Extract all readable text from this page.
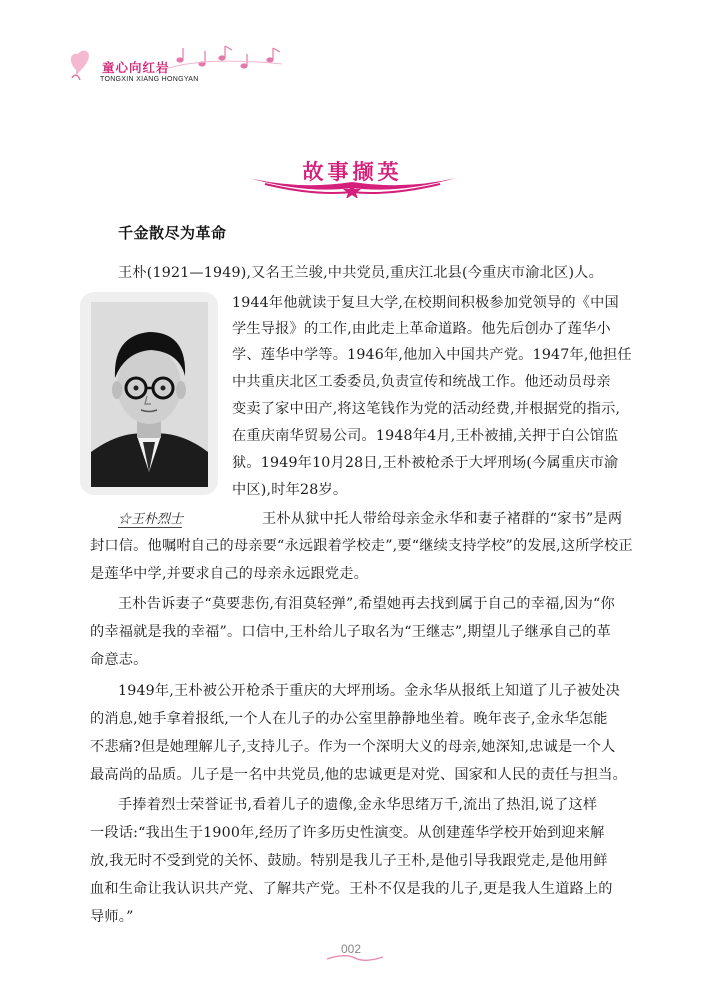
童心向红岩
TONGXIN XIANG HONGYAN
故事撷英
千金散尽为革命
☆王朴烈士
王朴(1921—1949),又名王兰骏,中共党员,重庆江北县(今重庆市渝北区)人。
1944年他就读于复旦大学,在校期间积极参加党领导的《中国
学生导报》的工作,由此走上革命道路。他先后创办了莲华小
学、莲华中学等。1946年,他加入中国共产党。1947年,他担任
中共重庆北区工委委员,负责宣传和统战工作。他还动员母亲
变卖了家中田产,将这笔钱作为党的活动经费,并根据党的指示,
在重庆南华贸易公司。1948年4月,王朴被捕,关押于白公馆监
狱。1949年10月28日,王朴被枪杀于大坪刑场(今属重庆市渝
中区),时年28岁。
王朴从狱中托人带给母亲金永华和妻子褚群的“家书”是两
封口信。他嘱咐自己的母亲要“永远跟着学校走”,要“继续支持学校”的发展,这所学校正
是莲华中学,并要求自己的母亲永远跟党走。
王朴告诉妻子“莫要悲伤,有泪莫轻弹”,希望她再去找到属于自己的幸福,因为“你
的幸福就是我的幸福”。口信中,王朴给儿子取名为“王继志”,期望儿子继承自己的革
命意志。
1949年,王朴被公开枪杀于重庆的大坪刑场。金永华从报纸上知道了儿子被处决
的消息,她手拿着报纸,一个人在儿子的办公室里静静地坐着。晚年丧子,金永华怎能
不悲痛?但是她理解儿子,支持儿子。作为一个深明大义的母亲,她深知,忠诚是一个人
最高尚的品质。儿子是一名中共党员,他的忠诚更是对党、国家和人民的责任与担当。
手捧着烈士荣誉证书,看着儿子的遗像,金永华思绪万千,流出了热泪,说了这样
一段话:“我出生于1900年,经历了许多历史性演变。从创建莲华学校开始到迎来解
放,我无时不受到党的关怀、鼓励。特别是我儿子王朴,是他引导我跟党走,是他用鲜
血和生命让我认识共产党、了解共产党。王朴不仅是我的儿子,更是我人生道路上的
导师。”
002
